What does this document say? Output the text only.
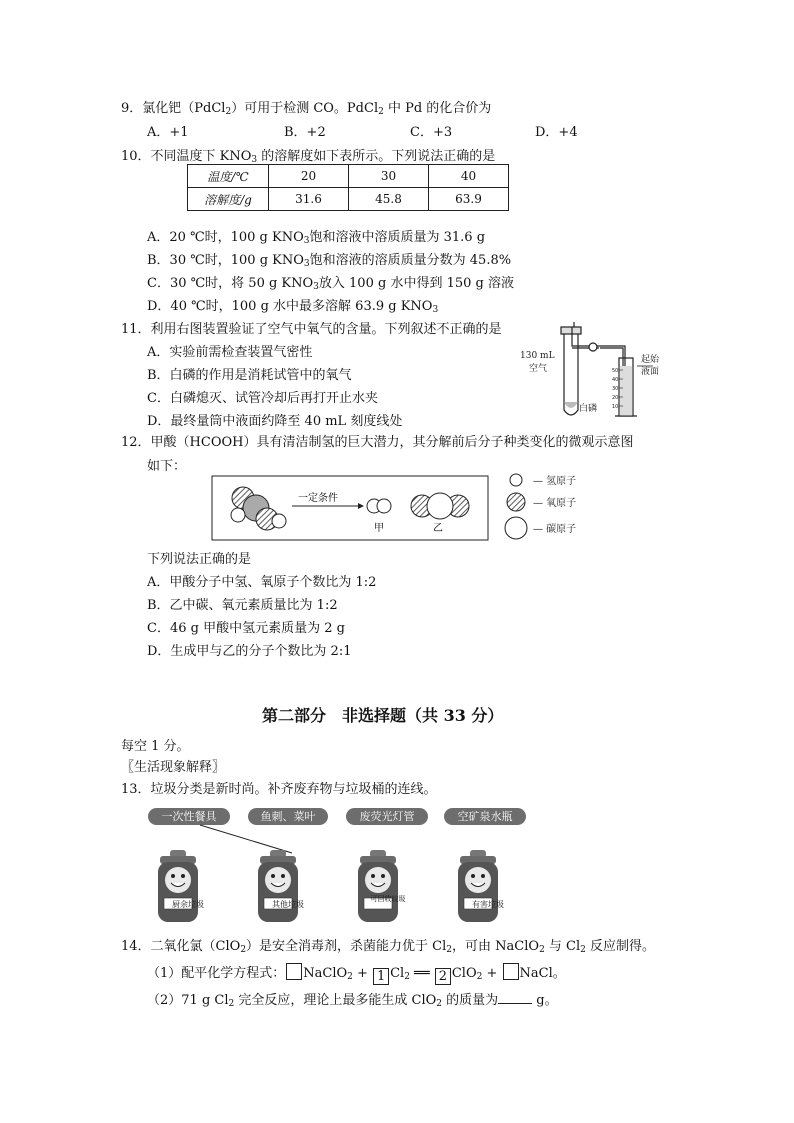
9．氯化钯（PdCl$_2$）可用于检测 CO。PdCl$_2$ 中 Pd 的化合价为
A．+1	B．+2	C．+3	D．+4
10．不同温度下 $KNO_3$ 的溶解度如下表所示。下列说法正确的是
温度/℃	20	30	40
溶解度/g	31.6	45.8	63.9
A．20 ℃时，100 g $KNO_3$饱和溶液中溶质质量为 31.6 g
B．30 ℃时，100 g $KNO_3$饱和溶液的溶质质量分数为 45.8%
C．30 ℃时，将 50 g $KNO_3$放入 100 g 水中得到 150 g 溶液
D．40 ℃时，100 g 水中最多溶解 63.9 g $KNO_3$
11．利用右图装置验证了空气中氧气的含量。下列叙述不正确的是
A．实验前需检查装置气密性
B．白磷的作用是消耗试管中的氧气
C．白磷熄灭、试管冷却后再打开止水夹
D．最终量筒中液面约降至 40 mL 刻度线处
50
40
30
20
10
130 mL
空气
白磷
起始
液面
12．甲酸（HCOOH）具有清洁制氢的巨大潜力，其分解前后分子种类变化的微观示意图
如下：
一定条件
甲	乙
— 氢原子
— 氧原子
— 碳原子
下列说法正确的是
A．甲酸分子中氢、氧原子个数比为 1:2
B．乙中碳、氧元素质量比为 1:2
C．46 g 甲酸中氢元素质量为 2 g
D．生成甲与乙的分子个数比为 2:1
第二部分　非选择题（共 33 分）
每空 1 分。
〖生活现象解释〗
13．垃圾分类是新时尚。补齐废弃物与垃圾桶的连线。
一次性餐具	鱼刺、菜叶	废荧光灯管	空矿泉水瓶
厨余垃圾	其他垃圾
可回收垃圾
有害垃圾
14．二氧化氯（ClO$_2$）是安全消毒剂，杀菌能力优于 $Cl_2$，可由 NaClO$_2$ 与 $Cl_2$ 反应制得。
（1）配平化学方程式： NaClO$_2$ + 1 $Cl_2$ ══ 2 ClO$_2$ + NaCl。
（2）71 g $Cl_2$ 完全反应，理论上最多能生成 ClO$_2$ 的质量为	g。
